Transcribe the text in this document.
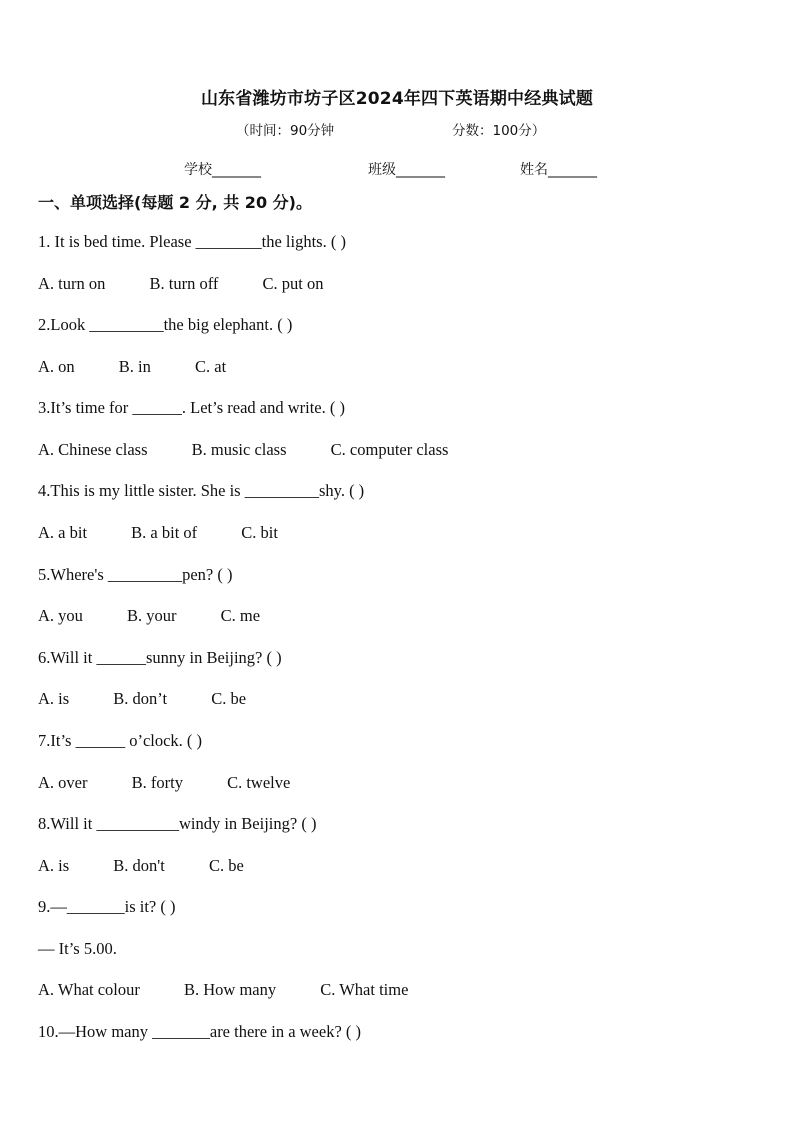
山东省潍坊市坊子区2024年四下英语期中经典试题
（时间：90分钟	分数：100分）
学校_______	班级_______	姓名_______
一、单项选择(每题 2 分, 共 20 分)。
1. It is bed time. Please ________the lights. ( )
A. turn on	B. turn off	C. put on
2.Look _________the big elephant. ( )
A. on	B. in	C. at
3.It’s time for ______. Let’s read and write. ( )
A. Chinese class	B. music class	C. computer class
4.This is my little sister. She is _________shy. ( )
A. a bit	B. a bit of	C. bit
5.Where's _________pen? ( )
A. you	B. your	C. me
6.Will it ______sunny in Beijing? ( )
A. is	B. don’t	C. be
7.It’s ______ o’clock. ( )
A. over	B. forty	C. twelve
8.Will it __________windy in Beijing? ( )
A. is	B. don't	C. be
9.—_______is it? ( )
— It’s 5.00.
A. What colour	B. How many	C. What time
10.—How many _______are there in a week? ( )
